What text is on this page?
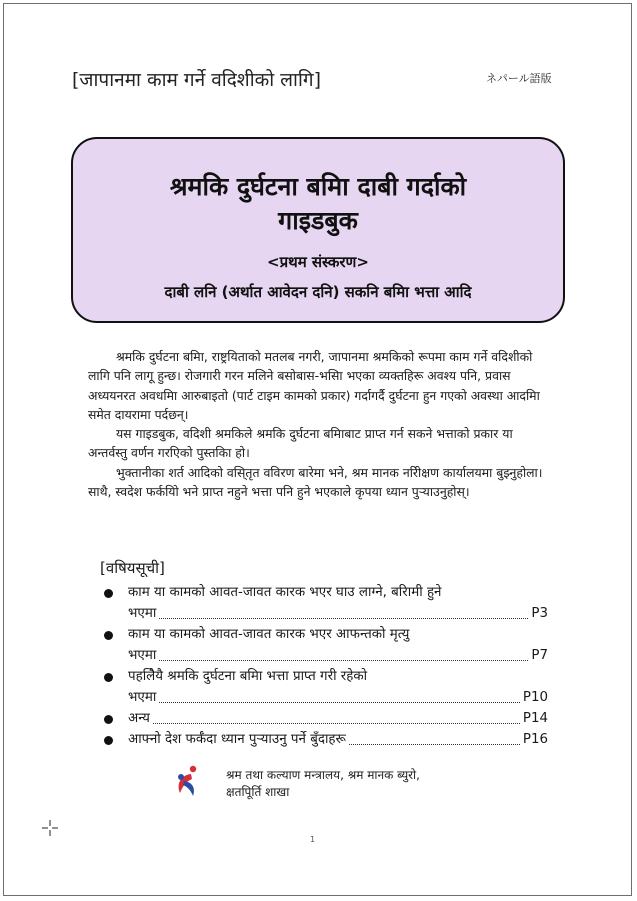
[जापानमा काम गर्ने वदिशीको लागि]	ネパール語版
श्रमकि दुर्घटना बमिा दाबी गर्दाको
गाइडबुक
<प्रथम संस्करण>
दाबी लनि (अर्थात आवेदन दनि) सकनि बमिा भत्ता आदि

श्रमकि दुर्घटना बमिा, राष्ट्रयिताको मतलब नगरी, जापानमा श्रमकिको रूपमा काम गर्ने वदिशीको लागि पनि लागू हुन्छ। रोजगारी गरन मलिने बसोबास-भसिा भएका व्यक्तहिरू अवश्य पनि, प्रवास अध्ययनरत अवधमिा आरुबाइतो (पार्ट टाइम कामको प्रकार) गर्दागर्दै दुर्घटना हुन गएको अवस्था आदमिा समेत दायरामा पर्दछन्।

यस गाइडबुक, वदिशी श्रमकिले श्रमकि दुर्घटना बमिाबाट प्राप्त गर्न सकने भत्ताको प्रकार या अन्तर्वस्तु वर्णन गरएिको पुस्तकिा हो।

भुक्तानीका शर्त आदिको वसि्तृत ववि‌रण बारेमा भने, श्रम मानक नरिीक्षण कार्यालयमा बुझ्नुहोला। साथै, स्वदेश फर्कयिो भने प्राप्त नहुने भत्ता पनि हुने भएकाले कृपया ध्यान पुर्‍याउनुहोस्।

[वषियसूची]
काम या कामको आवत-जावत कारक भएर घाउ लाग्ने, बरिामी हुने
भएमा	P3
काम या कामको आवत-जावत कारक भएर आफन्तको मृत्यु
भएमा	P7
पहलिैयै श्रमकि दुर्घटना बमिा भत्ता प्राप्त गरी रहेको
भएमा	P10
अन्य	P14
आफ्नो देश फर्कँदा ध्यान पुर्‍याउनु पर्ने बुँदाहरू	P16
श्रम तथा कल्याण मन्त्रालय, श्रम मानक ब्युरो,
क्षतपिूर्ति शाखा
1
